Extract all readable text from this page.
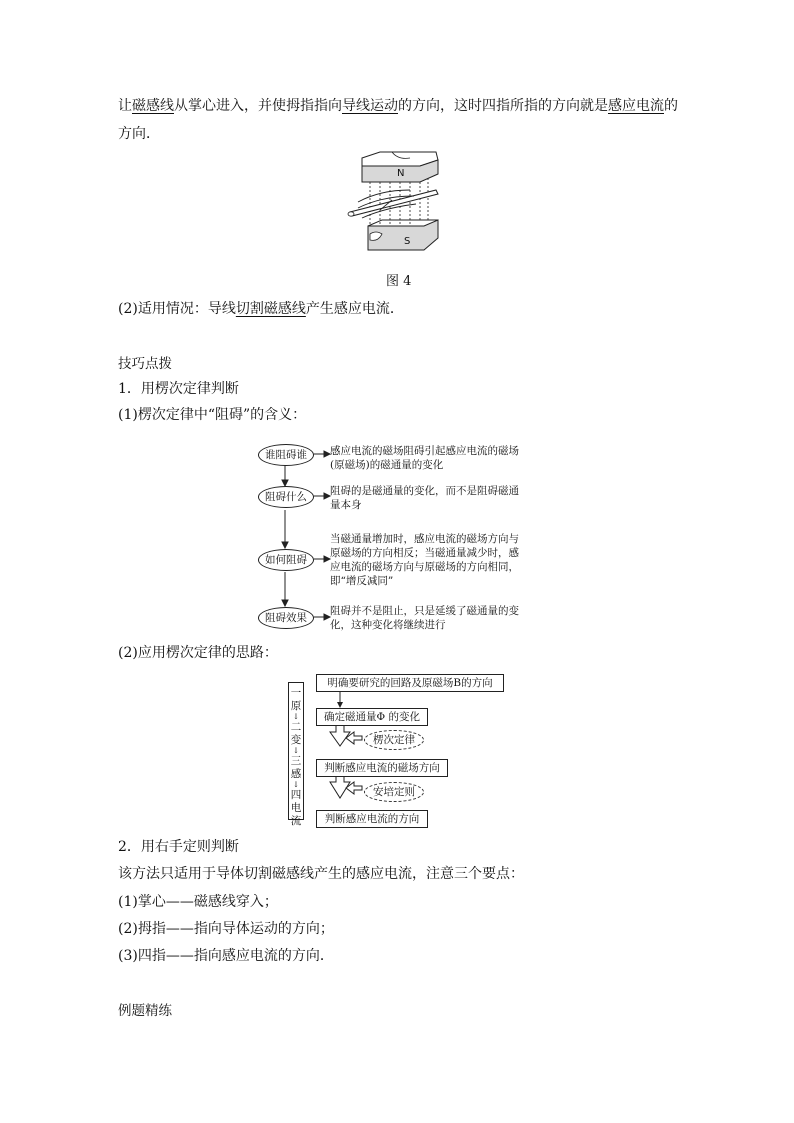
让磁感线从掌心进入，并使拇指指向导线运动的方向，这时四指所指的方向就是感应电流的
方向．
N
S
图 4
(2)适用情况：导线切割磁感线产生感应电流．
技巧点拨
1．用楞次定律判断
(1)楞次定律中“阻碍”的含义：
谁阻碍谁
阻碍什么
如何阻碍
阻碍效果
感应电流的磁场阻碍引起感应电流的磁场
(原磁场)的磁通量的变化
阻碍的是磁通量的变化，而不是阻碍磁通
量本身
当磁通量增加时，感应电流的磁场方向与
原磁场的方向相反；当磁通量减少时，感
应电流的磁场方向与原磁场的方向相同，
即“增反减同”
阻碍并不是阻止，只是延缓了磁通量的变
化，这种变化将继续进行
(2)应用楞次定律的思路：
一
原
↓
二
变
↓
三
感
↓
四
电
流
明确要研究的回路及原磁场B的方向
确定磁通量Φ 的变化
楞次定律
判断感应电流的磁场方向
安培定则
判断感应电流的方向
2．用右手定则判断
该方法只适用于导体切割磁感线产生的感应电流，注意三个要点：
(1)掌心——磁感线穿入；
(2)拇指——指向导体运动的方向；
(3)四指——指向感应电流的方向．
例题精练
